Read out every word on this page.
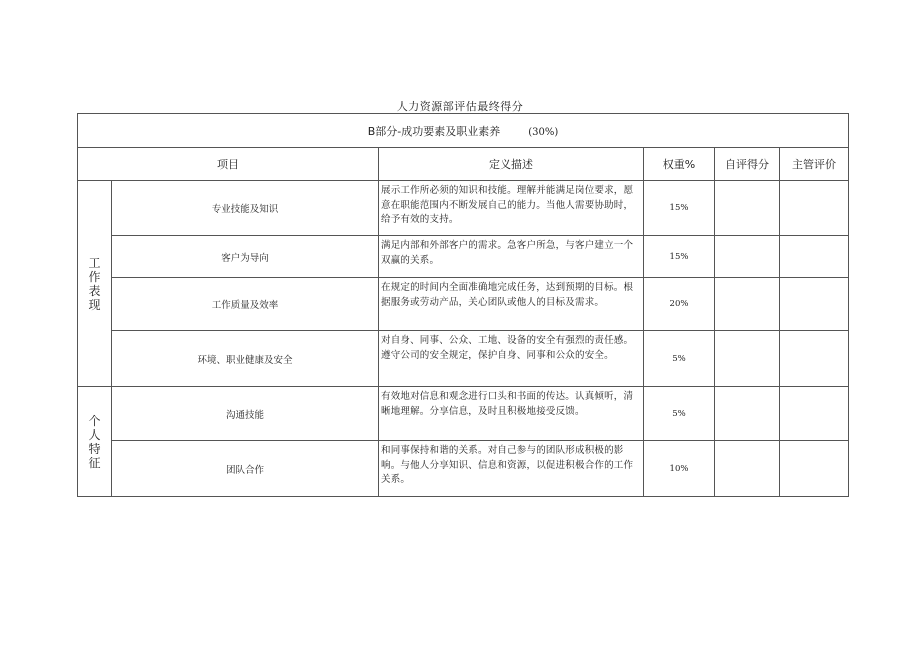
人力资源部评估最终得分
B部分-成功要素及职业素养 (30%)					
项目		定义描述	权重%	自评得分	主管评价

工
作
表
现	专业技能及知识	展示工作所必须的知识和技能。理解并能满足岗位要求，愿意在职能范围内不断发展自己的能力。当他人需要协助时，给予有效的支持。	15%		
	客户为导向	满足内部和外部客户的需求。急客户所急，与客户建立一个双赢的关系。	15%		
	工作质量及效率	在规定的时间内全面准确地完成任务，达到预期的目标。根据服务或劳动产品，关心团队或他人的目标及需求。	20%		
	环境、职业健康及安全	对自身、同事、公众、工地、设备的安全有强烈的责任感。遵守公司的安全规定，保护自身、同事和公众的安全。	5%		

个
人
特
征	沟通技能	有效地对信息和观念进行口头和书面的传达。认真倾听，清晰地理解。分享信息，及时且积极地接受反馈。	5%		
	团队合作	和同事保持和谐的关系。对自己参与的团队形成积极的影响。与他人分享知识、信息和资源，以促进积极合作的工作关系。	10%		
